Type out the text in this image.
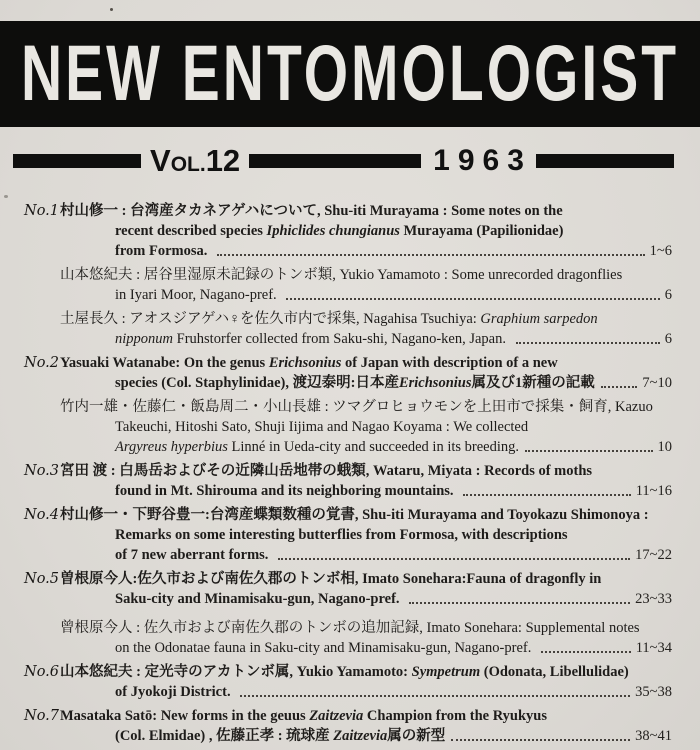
NEW ENTOMOLOGIST
VOL.12	1963
No.1 村山修一 : 台湾産タカネアゲハについて, Shu-iti Murayama : Some notes on the
recent described species Iphiclides chungianus Murayama (Papilionidae)
from Formosa.	1~6
山本悠紀夫 : 居谷里湿原未記録のトンボ類, Yukio Yamamoto : Some unrecorded dragonflies
in Iyari Moor, Nagano-pref.	6
土屋長久 : アオスジアゲハ♀を佐久市内で採集, Nagahisa Tsuchiya: Graphium sarpedon
nipponum Fruhstorfer collected from Saku-shi, Nagano-ken, Japan.	6
No.2 Yasuaki Watanabe: On the genus Erichsonius of Japan with description of a new
species (Col. Staphylinidae), 渡辺泰明:日本産 Erichsonius 属及び1新種の記載	7~10
竹内一雄・佐藤仁・飯島周二・小山長雄 : ツマグロヒョウモンを上田市で採集・飼育, Kazuo
Takeuchi, Hitoshi Sato, Shuji Iijima and Nagao Koyama : We collected
Argyreus hyperbius Linné in Ueda-city and succeeded in its breeding.	10
No.3 宮田 渡 : 白馬岳およびその近隣山岳地帯の蛾類, Wataru, Miyata : Records of moths
found in Mt. Shirouma and its neighboring mountains.	11~16
No.4 村山修一・下野谷豊一:台湾産蝶類数種の覚書, Shu-iti Murayama and Toyokazu Shimonoya :
Remarks on some interesting butterflies from Formosa, with descriptions
of 7 new aberrant forms.	17~22
No.5 曽根原今人:佐久市および南佐久郡のトンボ相, Imato Sonehara:Fauna of dragonfly in
Saku-city and Minamisaku-gun, Nagano-pref.	23~33
曾根原今人 : 佐久市および南佐久郡のトンボの追加記録, Imato Sonehara: Supplemental notes
on the Odonatae fauna in Saku-city and Minamisaku-gun, Nagano-pref.	11~34
No.6 山本悠紀夫 : 定光寺のアカトンボ属, Yukio Yamamoto: Sympetrum (Odonata, Libellulidae)
of Jyokoji District.	35~38
No.7 Masataka Satō: New forms in the geuus Zaitzevia Champion from the Ryukyus
(Col. Elmidae) , 佐藤正孝 : 琉球産 Zaitzevia 属の新型	38~41
